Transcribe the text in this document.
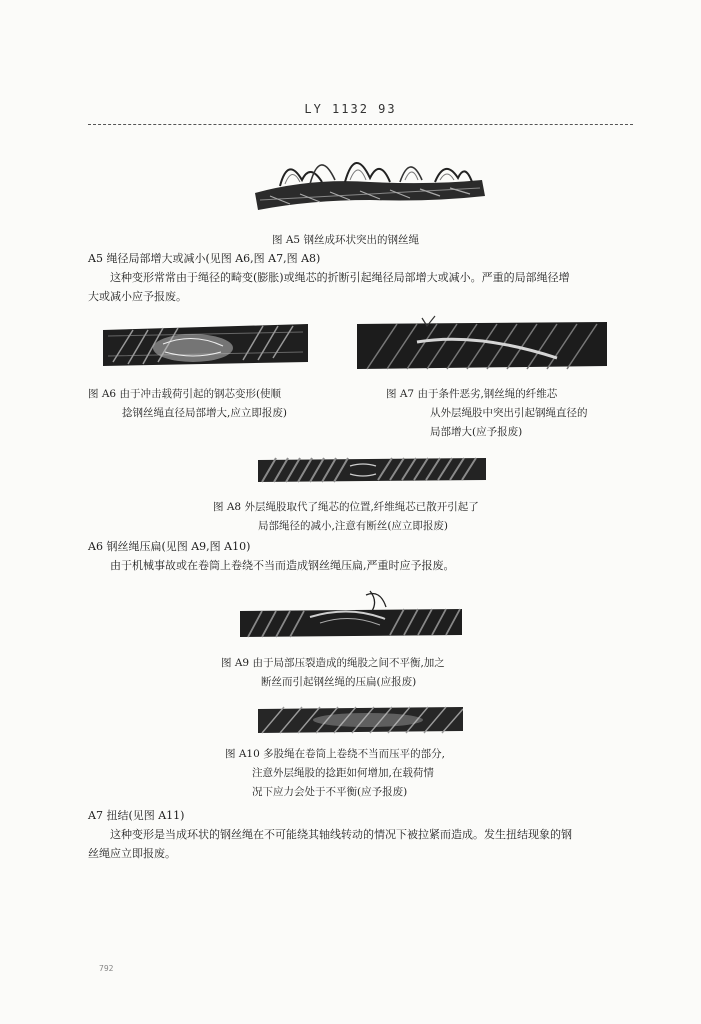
LY 1132 93
图 A5 钢丝成环状突出的钢丝绳
A5 绳径局部增大或减小(见图 A6,图 A7,图 A8)
这种变形常常由于绳径的畸变(膨胀)或绳芯的折断引起绳径局部增大或减小。严重的局部绳径增
大或减小应予报废。
图 A6 由于冲击载荷引起的钢芯变形(使顺
捻钢丝绳直径局部增大,应立即报废)
图 A7 由于条件恶劣,钢丝绳的纤维芯
从外层绳股中突出引起钢绳直径的
局部增大(应予报废)
图 A8 外层绳股取代了绳芯的位置,纤维绳芯已散开引起了
局部绳径的减小,注意有断丝(应立即报废)
A6 钢丝绳压扁(见图 A9,图 A10)
由于机械事故或在卷筒上卷绕不当而造成钢丝绳压扁,严重时应予报废。
图 A9 由于局部压裂造成的绳股之间不平衡,加之
断丝而引起钢丝绳的压扁(应报废)
图 A10 多股绳在卷筒上卷绕不当而压平的部分,
注意外层绳股的捻距如何增加,在载荷情
况下应力会处于不平衡(应予报废)
A7 扭结(见图 A11)
这种变形是当成环状的钢丝绳在不可能绕其轴线转动的情况下被拉紧而造成。发生扭结现象的钢
丝绳应立即报废。
792
